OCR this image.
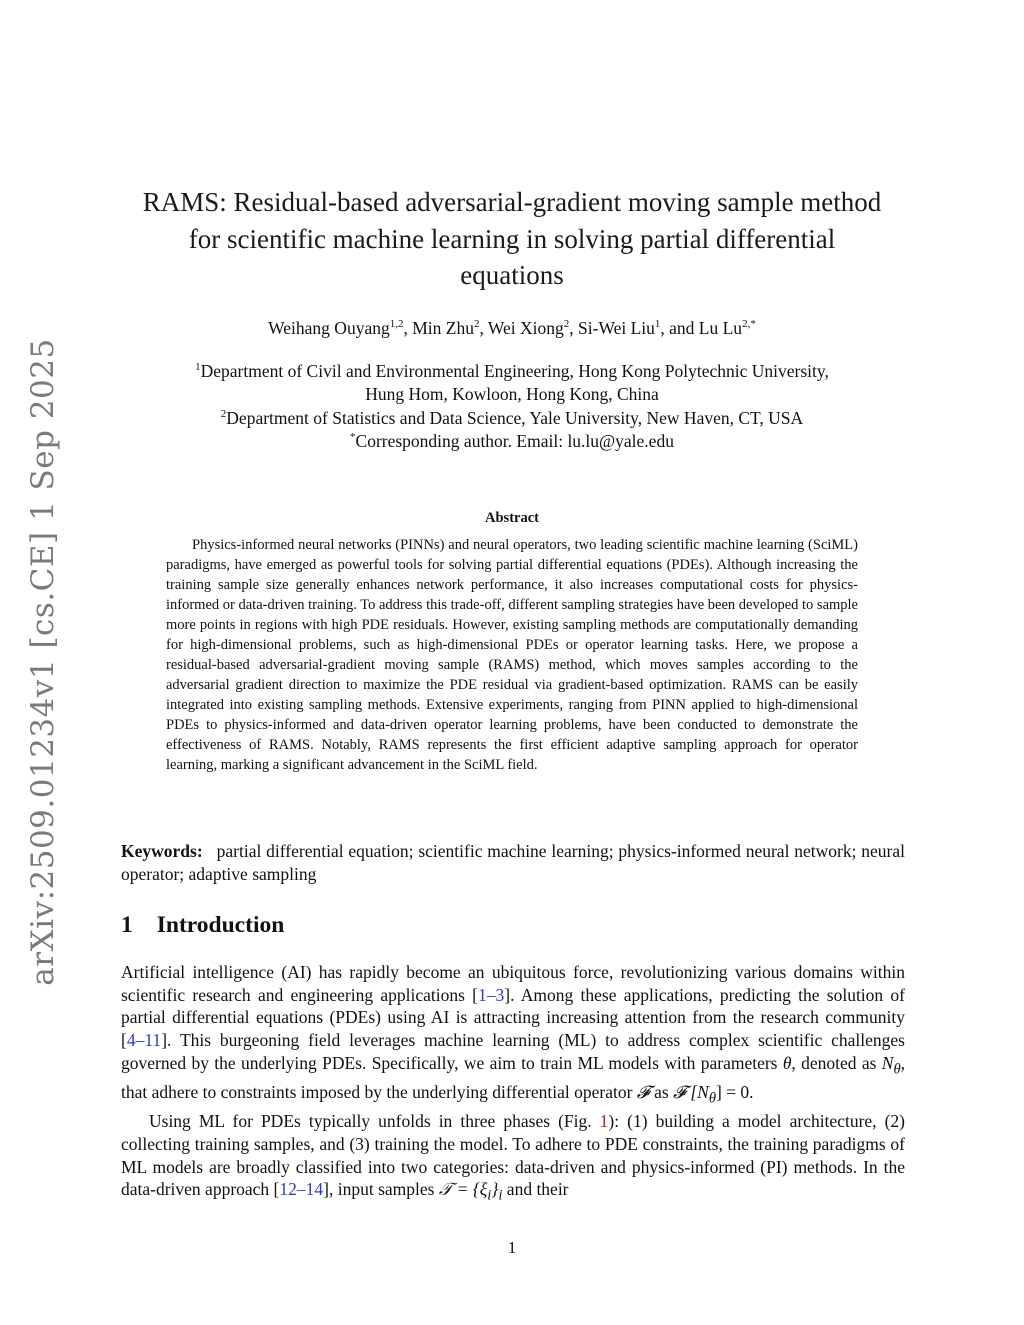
arXiv:2509.01234v1 [cs.CE] 1 Sep 2025
RAMS: Residual-based adversarial-gradient moving sample method
for scientific machine learning in solving partial differential
equations
Weihang Ouyang$^{1,2}$, Min Zhu$^2$, Wei Xiong$^2$, Si-Wei Liu$^1$, and Lu $Lu^{2,*}$
$^1$Department of Civil and Environmental Engineering, Hong Kong Polytechnic University,
Hung Hom, Kowloon, Hong Kong, China
$^2$Department of Statistics and Data Science, Yale University, New Haven, CT, USA
*Corresponding author. Email: lu.lu@yale.edu
Abstract
Physics-informed neural networks (PINNs) and neural operators, two leading scientific machine learning (SciML) paradigms, have emerged as powerful tools for solving partial differential equations (PDEs). Although increasing the training sample size generally enhances network performance, it also increases computational costs for physics-informed or data-driven training. To address this trade-off, different sampling strategies have been developed to sample more points in regions with high PDE residuals. However, existing sampling methods are computationally demanding for high-dimensional problems, such as high-dimensional PDEs or operator learning tasks. Here, we propose a residual-based adversarial-gradient moving sample (RAMS) method, which moves samples according to the adversarial gradient direction to maximize the PDE residual via gradient-based optimization. RAMS can be easily integrated into existing sampling methods. Extensive experiments, ranging from PINN applied to high-dimensional PDEs to physics-informed and data-driven operator learning problems, have been conducted to demonstrate the effectiveness of RAMS. Notably, RAMS represents the first efficient adaptive sampling approach for operator learning, marking a significant advancement in the SciML field.
Keywords: partial differential equation; scientific machine learning; physics-informed neural network; neural operator; adaptive sampling
1 Introduction

Artificial intelligence (AI) has rapidly become an ubiquitous force, revolutionizing various domains within scientific research and engineering applications [1–3]. Among these applications, predicting the solution of partial differential equations (PDEs) using AI is attracting increasing attention from the research community [4–11]. This burgeoning field leverages machine learning (ML) to address complex scientific challenges governed by the underlying PDEs. Specifically, we aim to train ML models with parameters θ, denoted as $N_\theta$, that adhere to constraints imposed by the underlying differential operator 𝓕 as 𝓕 $[N_\theta] = 0$.

Using ML for PDEs typically unfolds in three phases (Fig. 1): (1) building a model architecture, (2) collecting training samples, and (3) training the model. To adhere to PDE constraints, the training paradigms of ML models are broadly classified into two categories: data-driven and physics-informed (PI) methods. In the data-driven approach [12–14], input samples 𝒯 = $\{\xi_i\}_i$ and their

1
